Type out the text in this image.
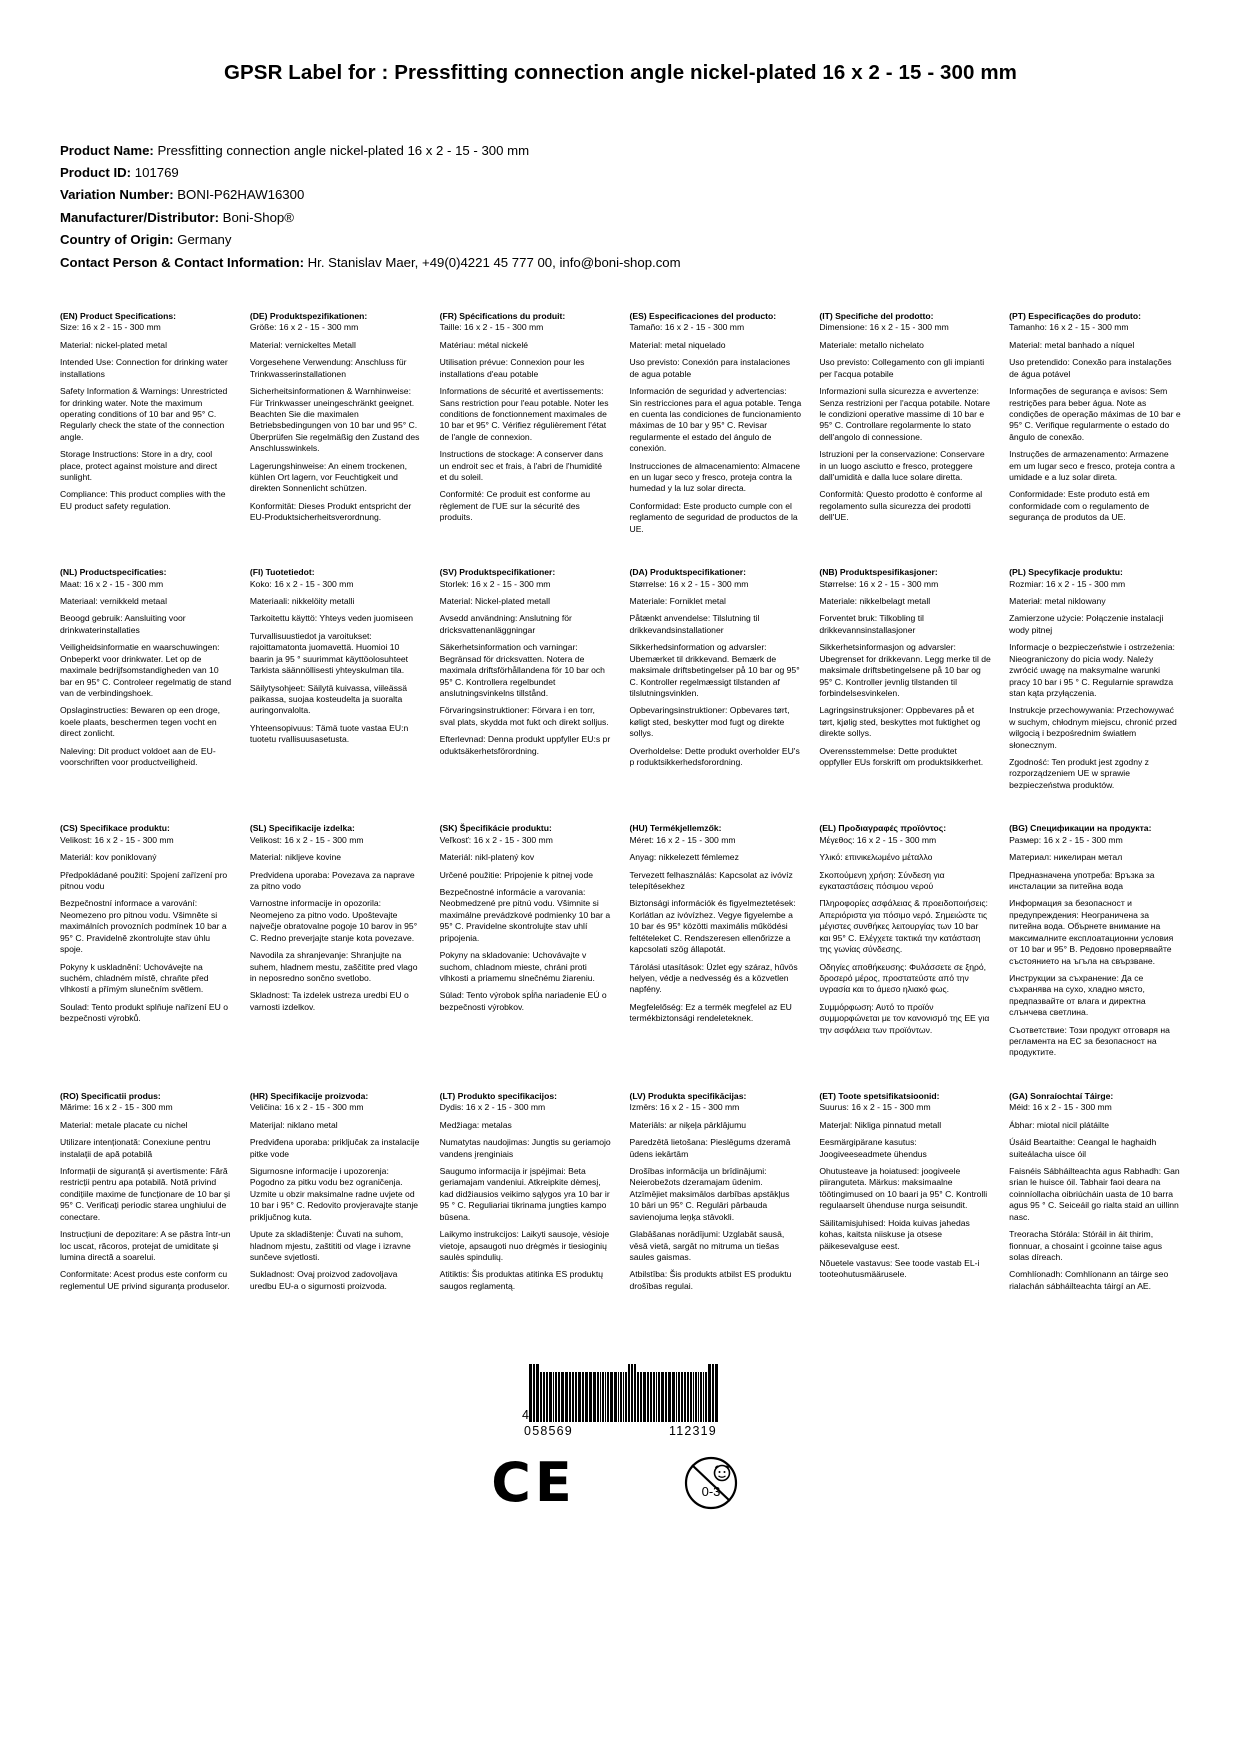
GPSR Label for : Pressfitting connection angle nickel-plated 16 x 2 - 15 - 300 mm
Product Name: Pressfitting connection angle nickel-plated 16 x 2 - 15 - 300 mm
Product ID: 101769
Variation Number: BONI-P62HAW16300
Manufacturer/Distributor: Boni-Shop®
Country of Origin: Germany
Contact Person & Contact Information: Hr. Stanislav Maer, +49(0)4221 45 777 00, info@boni-shop.com
(EN) Product Specifications:

Size: 16 x 2 - 15 - 300 mm

Material: nickel-plated metal

Intended Use: Connection for drinking water installations

Safety Information & Warnings: Unrestricted for drinking water. Note the maximum operating conditions of 10 bar and 95° C. Regularly check the state of the connection angle.

Storage Instructions: Store in a dry, cool place, protect against moisture and direct sunlight.

Compliance: This product complies with the EU product safety regulation.

(DE) Produktspezifikationen:

Größe: 16 x 2 - 15 - 300 mm

Material: vernickeltes Metall

Vorgesehene Verwendung: Anschluss für Trinkwasserinstallationen

Sicherheitsinformationen & Warnhinweise: Für Trinkwasser uneingeschränkt geeignet. Beachten Sie die maximalen Betriebsbedingungen von 10 bar und 95° C. Überprüfen Sie regelmäßig den Zustand des Anschlusswinkels.

Lagerungshinweise: An einem trockenen, kühlen Ort lagern, vor Feuchtigkeit und direkten Sonnenlicht schützen.

Konformität: Dieses Produkt entspricht der EU-Produktsicherheitsverordnung.

(FR) Spécifications du produit:

Taille: 16 x 2 - 15 - 300 mm

Matériau: métal nickelé

Utilisation prévue: Connexion pour les installations d'eau potable

Informations de sécurité et avertissements: Sans restriction pour l'eau potable. Noter les conditions de fonctionnement maximales de 10 bar et 95° C. Vérifiez régulièrement l'état de l'angle de connexion.

Instructions de stockage: A conserver dans un endroit sec et frais, à l'abri de l'humidité et du soleil.

Conformité: Ce produit est conforme au règlement de l'UE sur la sécurité des produits.

(ES) Especificaciones del producto:

Tamaño: 16 x 2 - 15 - 300 mm

Material: metal niquelado

Uso previsto: Conexión para instalaciones de agua potable

Información de seguridad y advertencias: Sin restricciones para el agua potable. Tenga en cuenta las condiciones de funcionamiento máximas de 10 bar y 95° C. Revisar regularmente el estado del ángulo de conexión.

Instrucciones de almacenamiento: Almacene en un lugar seco y fresco, proteja contra la humedad y la luz solar directa.

Conformidad: Este producto cumple con el reglamento de seguridad de productos de la UE.

(IT) Specifiche del prodotto:

Dimensione: 16 x 2 - 15 - 300 mm

Materiale: metallo nichelato

Uso previsto: Collegamento con gli impianti per l'acqua potabile

Informazioni sulla sicurezza e avvertenze: Senza restrizioni per l'acqua potabile. Notare le condizioni operative massime di 10 bar e 95° C. Controllare regolarmente lo stato dell'angolo di connessione.

Istruzioni per la conservazione: Conservare in un luogo asciutto e fresco, proteggere dall'umidità e dalla luce solare diretta.

Conformità: Questo prodotto è conforme al regolamento sulla sicurezza dei prodotti dell'UE.

(PT) Especificações do produto:

Tamanho: 16 x 2 - 15 - 300 mm

Material: metal banhado a níquel

Uso pretendido: Conexão para instalações de água potável

Informações de segurança e avisos: Sem restrições para beber água. Note as condições de operação máximas de 10 bar e 95° C. Verifique regularmente o estado do ângulo de conexão.

Instruções de armazenamento: Armazene em um lugar seco e fresco, proteja contra a umidade e a luz solar direta.

Conformidade: Este produto está em conformidade com o regulamento de segurança de produtos da UE.

(NL) Productspecificaties:

Maat: 16 x 2 - 15 - 300 mm

Materiaal: vernikkeld metaal

Beoogd gebruik: Aansluiting voor drinkwaterinstallaties

Veiligheidsinformatie en waarschuwingen: Onbeperkt voor drinkwater. Let op de maximale bedrijfsomstandigheden van 10 bar en 95° C. Controleer regelmatig de stand van de verbindingshoek.

Opslaginstructies: Bewaren op een droge, koele plaats, beschermen tegen vocht en direct zonlicht.

Naleving: Dit product voldoet aan de EU-voorschriften voor productveiligheid.

(FI) Tuotetiedot:

Koko: 16 x 2 - 15 - 300 mm

Materiaali: nikkelöity metalli

Tarkoitettu käyttö: Yhteys veden juomiseen

Turvallisuustiedot ja varoitukset: rajoittamatonta juomavettä. Huomioi 10 baarin ja 95 ° suurimmat käyttöolosuhteet Tarkista säännöllisesti yhteyskulman tila.

Säilytysohjeet: Säilytä kuivassa, viileässä paikassa, suojaa kosteudelta ja suoralta auringonvalolta.

Yhteensopivuus: Tämä tuote vastaa EU:n tuotetu rvallisuusasetusta.

(SV) Produktspecifikationer:

Storlek: 16 x 2 - 15 - 300 mm

Material: Nickel-plated metall

Avsedd användning: Anslutning för dricksvattenanläggningar

Säkerhetsinformation och varningar: Begränsad för dricksvatten. Notera de maximala driftsförhållandena för 10 bar och 95° C. Kontrollera regelbundet anslutningsvinkelns tillstånd.

Förvaringsinstruktioner: Förvara i en torr, sval plats, skydda mot fukt och direkt solljus.

Efterlevnad: Denna produkt uppfyller EU:s pr oduktsäkerhetsförordning.

(DA) Produktspecifikationer:

Størrelse: 16 x 2 - 15 - 300 mm

Materiale: Forniklet metal

Påtænkt anvendelse: Tilslutning til drikkevandsinstallationer

Sikkerhedsinformation og advarsler: Ubemærket til drikkevand. Bemærk de maksimale driftsbetingelser på 10 bar og 95° C. Kontroller regelmæssigt tilstanden af tilslutningsvinklen.

Opbevaringsinstruktioner: Opbevares tørt, køligt sted, beskytter mod fugt og direkte sollys.

Overholdelse: Dette produkt overholder EU's p roduktsikkerhedsforordning.

(NB) Produktspesifikasjoner:

Størrelse: 16 x 2 - 15 - 300 mm

Materiale: nikkelbelagt metall

Forventet bruk: Tilkobling til drikkevannsinstallasjoner

Sikkerhetsinformasjon og advarsler: Ubegrenset for drikkevann. Legg merke til de maksimale driftsbetingelsene på 10 bar og 95° C. Kontroller jevnlig tilstanden til forbindelsesvinkelen.

Lagringsinstruksjoner: Oppbevares på et tørt, kjølig sted, beskyttes mot fuktighet og direkte sollys.

Overensstemmelse: Dette produktet oppfyller EUs forskrift om produktsikkerhet.

(PL) Specyfikacje produktu:

Rozmiar: 16 x 2 - 15 - 300 mm

Materiał: metal niklowany

Zamierzone użycie: Połączenie instalacji wody pitnej

Informacje o bezpieczeństwie i ostrzeżenia: Nieograniczony do picia wody. Należy zwrócić uwagę na maksymalne warunki pracy 10 bar i 95 ° C. Regularnie sprawdza stan kąta przyłączenia.

Instrukcje przechowywania: Przechowywać w suchym, chłodnym miejscu, chronić przed wilgocią i bezpośrednim światłem słonecznym.

Zgodność: Ten produkt jest zgodny z rozporządzeniem UE w sprawie bezpieczeństwa produktów.

(CS) Specifikace produktu:

Velikost: 16 x 2 - 15 - 300 mm

Materiál: kov poniklovaný

Předpokládané použití: Spojení zařízení pro pitnou vodu

Bezpečnostní informace a varování: Neomezeno pro pitnou vodu. Všimněte si maximálních provozních podmínek 10 bar a 95° C. Pravidelně zkontrolujte stav úhlu spoje.

Pokyny k uskladnění: Uchovávejte na suchém, chladném místě, chraňte před vlhkostí a přímým slunečním světlem.

Soulad: Tento produkt splňuje nařízení EU o bezpečnosti výrobků.

(SL) Specifikacije izdelka:

Velikost: 16 x 2 - 15 - 300 mm

Material: nikljeve kovine

Predvidena uporaba: Povezava za naprave za pitno vodo

Varnostne informacije in opozorila: Neomejeno za pitno vodo. Upoštevajte največje obratovalne pogoje 10 barov in 95° C. Redno preverjajte stanje kota povezave.

Navodila za shranjevanje: Shranjujte na suhem, hladnem mestu, zaščitite pred vlago in neposredno sončno svetlobo.

Skladnost: Ta izdelek ustreza uredbi EU o varnosti izdelkov.

(SK) Špecifikácie produktu:

Veľkosť: 16 x 2 - 15 - 300 mm

Materiál: nikl-platený kov

Určené použitie: Pripojenie k pitnej vode

Bezpečnostné informácie a varovania: Neobmedzené pre pitnú vodu. Všimnite si maximálne prevádzkové podmienky 10 bar a 95° C. Pravidelne skontrolujte stav uhlí pripojenia.

Pokyny na skladovanie: Uchovávajte v suchom, chladnom mieste, chráni proti vlhkosti a priamemu slnečnému žiareniu.

Súlad: Tento výrobok spĺňa nariadenie EÚ o bezpečnosti výrobkov.

(HU) Termékjellemzők:

Méret: 16 x 2 - 15 - 300 mm

Anyag: nikkelezett fémlemez

Tervezett felhasználás: Kapcsolat az ivóvíz telepítésekhez

Biztonsági információk és figyelmeztetések: Korlátlan az ivóvízhez. Vegye figyelembe a 10 bar és 95° közötti maximális működési feltételeket C. Rendszeresen ellenőrizze a kapcsolati szög állapotát.

Tárolási utasítások: Üzlet egy száraz, hűvös helyen, védje a nedvesség és a közvetlen napfény.

Megfelelőség: Ez a termék megfelel az EU termékbiztonsági rendeleteknek.

(EL) Προδιαγραφές προϊόντος:

Μέγεθος: 16 x 2 - 15 - 300 mm

Υλικό: επινικελωμένο μέταλλο

Σκοπούμενη χρήση: Σύνδεση για εγκαταστάσεις πόσιμου νερού

Πληροφορίες ασφάλειας & προειδοποιήσεις: Απεριόριστα για πόσιμο νερό. Σημειώστε τις μέγιστες συνθήκες λειτουργίας των 10 bar και 95° C. Ελέγχετε τακτικά την κατάσταση της γωνίας σύνδεσης.

Οδηγίες αποθήκευσης: Φυλάσσετε σε ξηρό, δροσερό μέρος, προστατεύστε από την υγρασία και το άμεσο ηλιακό φως.

Συμμόρφωση: Αυτό το προϊόν συμμορφώνεται με τον κανονισμό της ΕΕ για την ασφάλεια των προϊόντων.

(BG) Спецификации на продукта:

Размер: 16 x 2 - 15 - 300 mm

Материал: никелиран метал

Предназначена употреба: Връзка за инсталации за питейна вода

Информация за безопасност и предупреждения: Неограничена за питейна вода. Обърнете внимание на максималните експлоатационни условия от 10 bar и 95° B. Редовно проверявайте състоянието на ъгъла на свързване.

Инструкции за съхранение: Да се съхранява на сухо, хладно място, предпазвайте от влага и директна слънчева светлина.

Съответствие: Този продукт отговаря на регламента на ЕС за безопасност на продуктите.

(RO) Specificatii produs:

Mărime: 16 x 2 - 15 - 300 mm

Material: metale placate cu nichel

Utilizare intenționată: Conexiune pentru instalații de apă potabilă

Informații de siguranță și avertismente: Fără restricții pentru apa potabilă. Notă privind condițiile maxime de funcționare de 10 bar și 95° C. Verificați periodic starea unghiului de conectare.

Instrucțiuni de depozitare: A se păstra într-un loc uscat, răcoros, protejat de umiditate și lumina directă a soarelui.

Conformitate: Acest produs este conform cu reglementul UE privind siguranța produselor.

(HR) Specifikacije proizvoda:

Veličina: 16 x 2 - 15 - 300 mm

Materijal: niklano metal

Predviđena uporaba: priključak za instalacije pitke vode

Sigurnosne informacije i upozorenja: Pogodno za pitku vodu bez ograničenja. Uzmite u obzir maksimalne radne uvjete od 10 bar i 95° C. Redovito provjeravajte stanje priključnog kuta.

Upute za skladištenje: Čuvati na suhom, hladnom mjestu, zaštititi od vlage i izravne sunčeve svjetlosti.

Sukladnost: Ovaj proizvod zadovoljava uredbu EU-a o sigurnosti proizvoda.

(LT) Produkto specifikacijos:

Dydis: 16 x 2 - 15 - 300 mm

Medžiaga: metalas

Numatytas naudojimas: Jungtis su geriamojo vandens įrenginiais

Saugumo informacija ir įspėjimai: Beta geriamajam vandeniui. Atkreipkite dėmesį, kad didžiausios veikimo sąlygos yra 10 bar ir 95 ° C. Reguliariai tikrinama jungties kampo būsena.

Laikymo instrukcijos: Laikyti sausoje, vėsioje vietoje, apsaugoti nuo drėgmės ir tiesioginių saulės spindulių.

Atitiktis: Šis produktas atitinka ES produktų saugos reglamentą.

(LV) Produkta specifikācijas:

Izmērs: 16 x 2 - 15 - 300 mm

Materiāls: ar niķeļa pārklājumu

Paredzētā lietošana: Pieslēgums dzeramā ūdens iekārtām

Drošības informācija un brīdinājumi: Neierobežots dzeramajam ūdenim. Atzīmējiet maksimālos darbības apstākļus 10 bāri un 95° C. Regulāri pārbauda savienojuma leņķa stāvokli.

Glabāšanas norādījumi: Uzglabāt sausā, vēsā vietā, sargāt no mitruma un tiešas saules gaismas.

Atbilstība: Šis produkts atbilst ES produktu drošības regulai.

(ET) Toote spetsifikatsioonid:

Suurus: 16 x 2 - 15 - 300 mm

Materjal: Nikliga pinnatud metall

Eesmärgipärane kasutus: Joogiveeseadmete ühendus

Ohutusteave ja hoiatused: joogiveele piiranguteta. Märkus: maksimaalne töötingimused on 10 baari ja 95° C. Kontrolli regulaarselt ühenduse nurga seisundit.

Säilitamisjuhised: Hoida kuivas jahedas kohas, kaitsta niiskuse ja otsese päikesevalguse eest.

Nõuetele vastavus: See toode vastab EL-i tooteohutusmäärusele.

(GA) Sonraíochtaí Táirge:

Méid: 16 x 2 - 15 - 300 mm

Ábhar: miotal nicil plátáilte

Úsáid Beartaithe: Ceangal le haghaidh suiteálacha uisce óil

Faisnéis Sábháilteachta agus Rabhadh: Gan srian le huisce óil. Tabhair faoi deara na coinníollacha oibriúcháin uasta de 10 barra agus 95 ° C. Seiceáil go rialta staid an uillinn nasc.

Treoracha Stórála: Stóráil in áit thirim, fionnuar, a chosaint i gcoinne taise agus solas díreach.

Comhlíonadh: Comhlíonann an táirge seo rialachán sábháilteachta táirgí an AE.

4
058569	112319
CE	0-3
